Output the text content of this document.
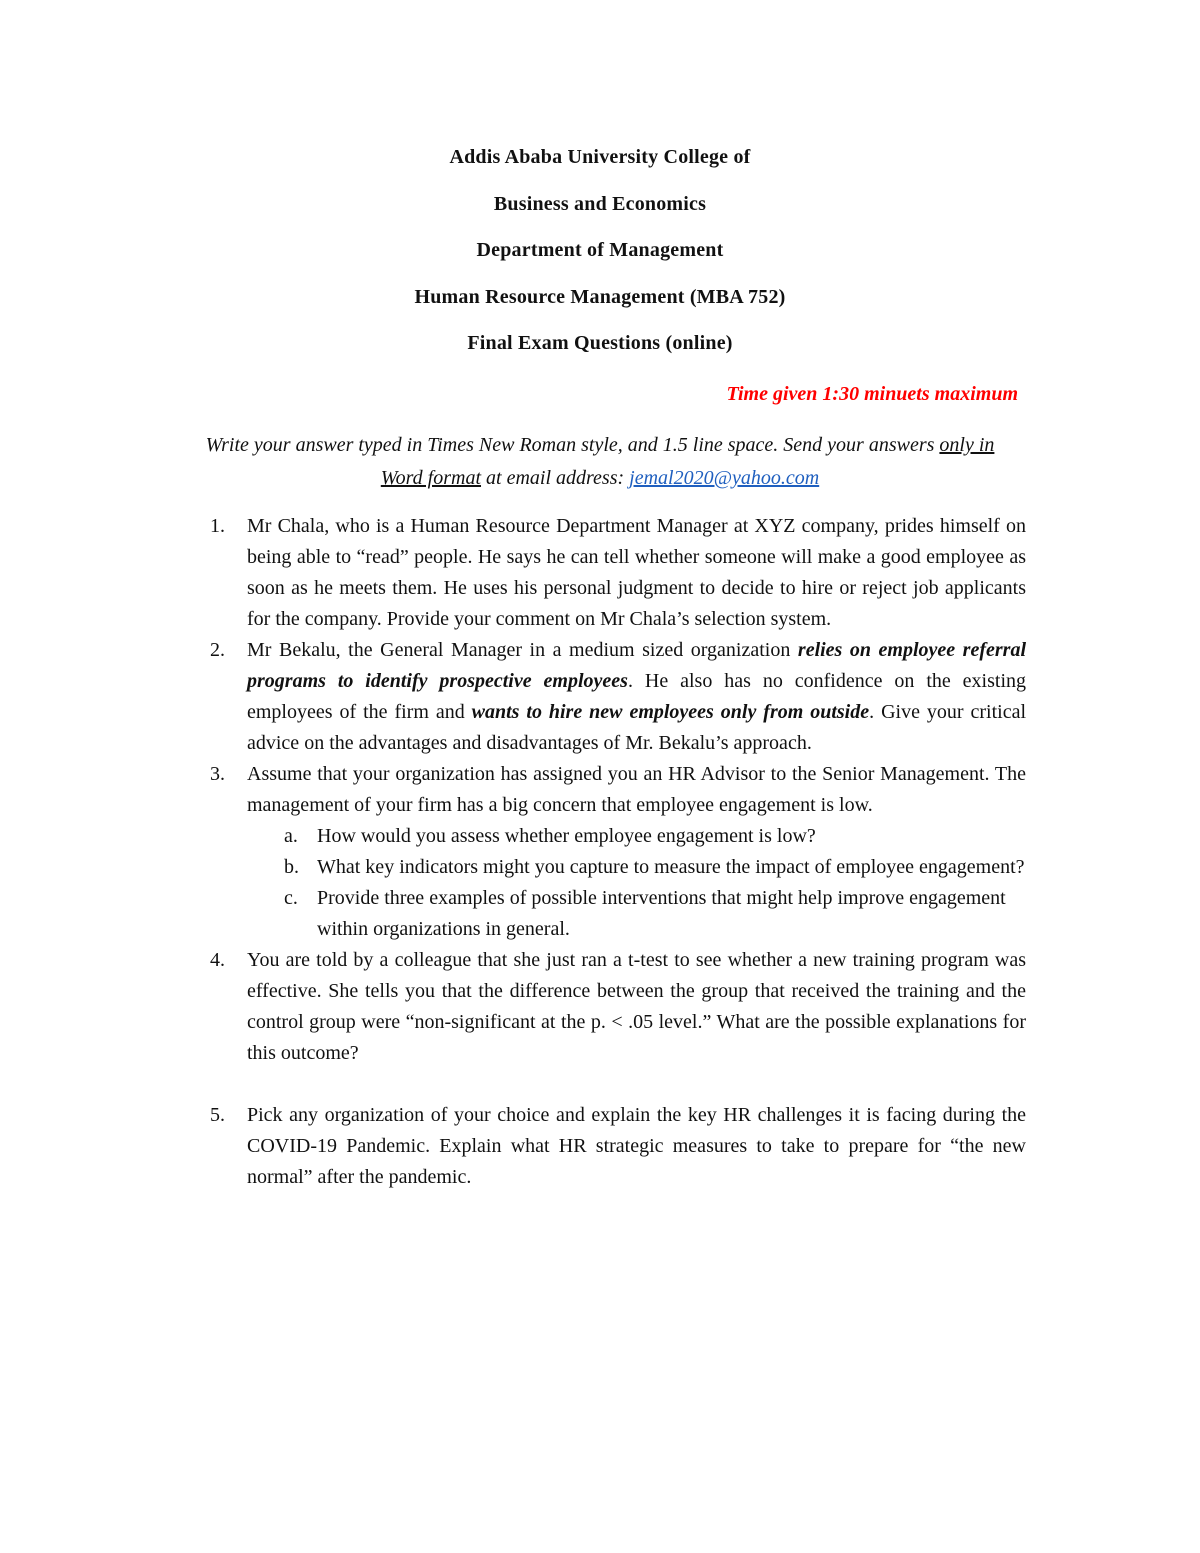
Addis Ababa University College of
Business and Economics
Department of Management
Human Resource Management (MBA 752)
Final Exam Questions (online)
Time given 1:30 minuets maximum
Write your answer typed in Times New Roman style, and 1.5 line space. Send your answers only in Word format at email address: jemal2020@yahoo.com
1. Mr Chala, who is a Human Resource Department Manager at XYZ company, prides himself on being able to “read” people. He says he can tell whether someone will make a good employee as soon as he meets them. He uses his personal judgment to decide to hire or reject job applicants for the company. Provide your comment on Mr Chala’s selection system.
2. Mr Bekalu, the General Manager in a medium sized organization relies on employee referral programs to identify prospective employees. He also has no confidence on the existing employees of the firm and wants to hire new employees only from outside. Give your critical advice on the advantages and disadvantages of Mr. Bekalu’s approach.
3. Assume that your organization has assigned you an HR Advisor to the Senior Management. The management of your firm has a big concern that employee engagement is low.
a. How would you assess whether employee engagement is low?
b. What key indicators might you capture to measure the impact of employee engagement?
c. Provide three examples of possible interventions that might help improve engagement within organizations in general.
4. You are told by a colleague that she just ran a t-test to see whether a new training program was effective. She tells you that the difference between the group that received the training and the control group were “non-significant at the p. < .05 level.” What are the possible explanations for this outcome?
5. Pick any organization of your choice and explain the key HR challenges it is facing during the COVID-19 Pandemic. Explain what HR strategic measures to take to prepare for “the new normal” after the pandemic.
